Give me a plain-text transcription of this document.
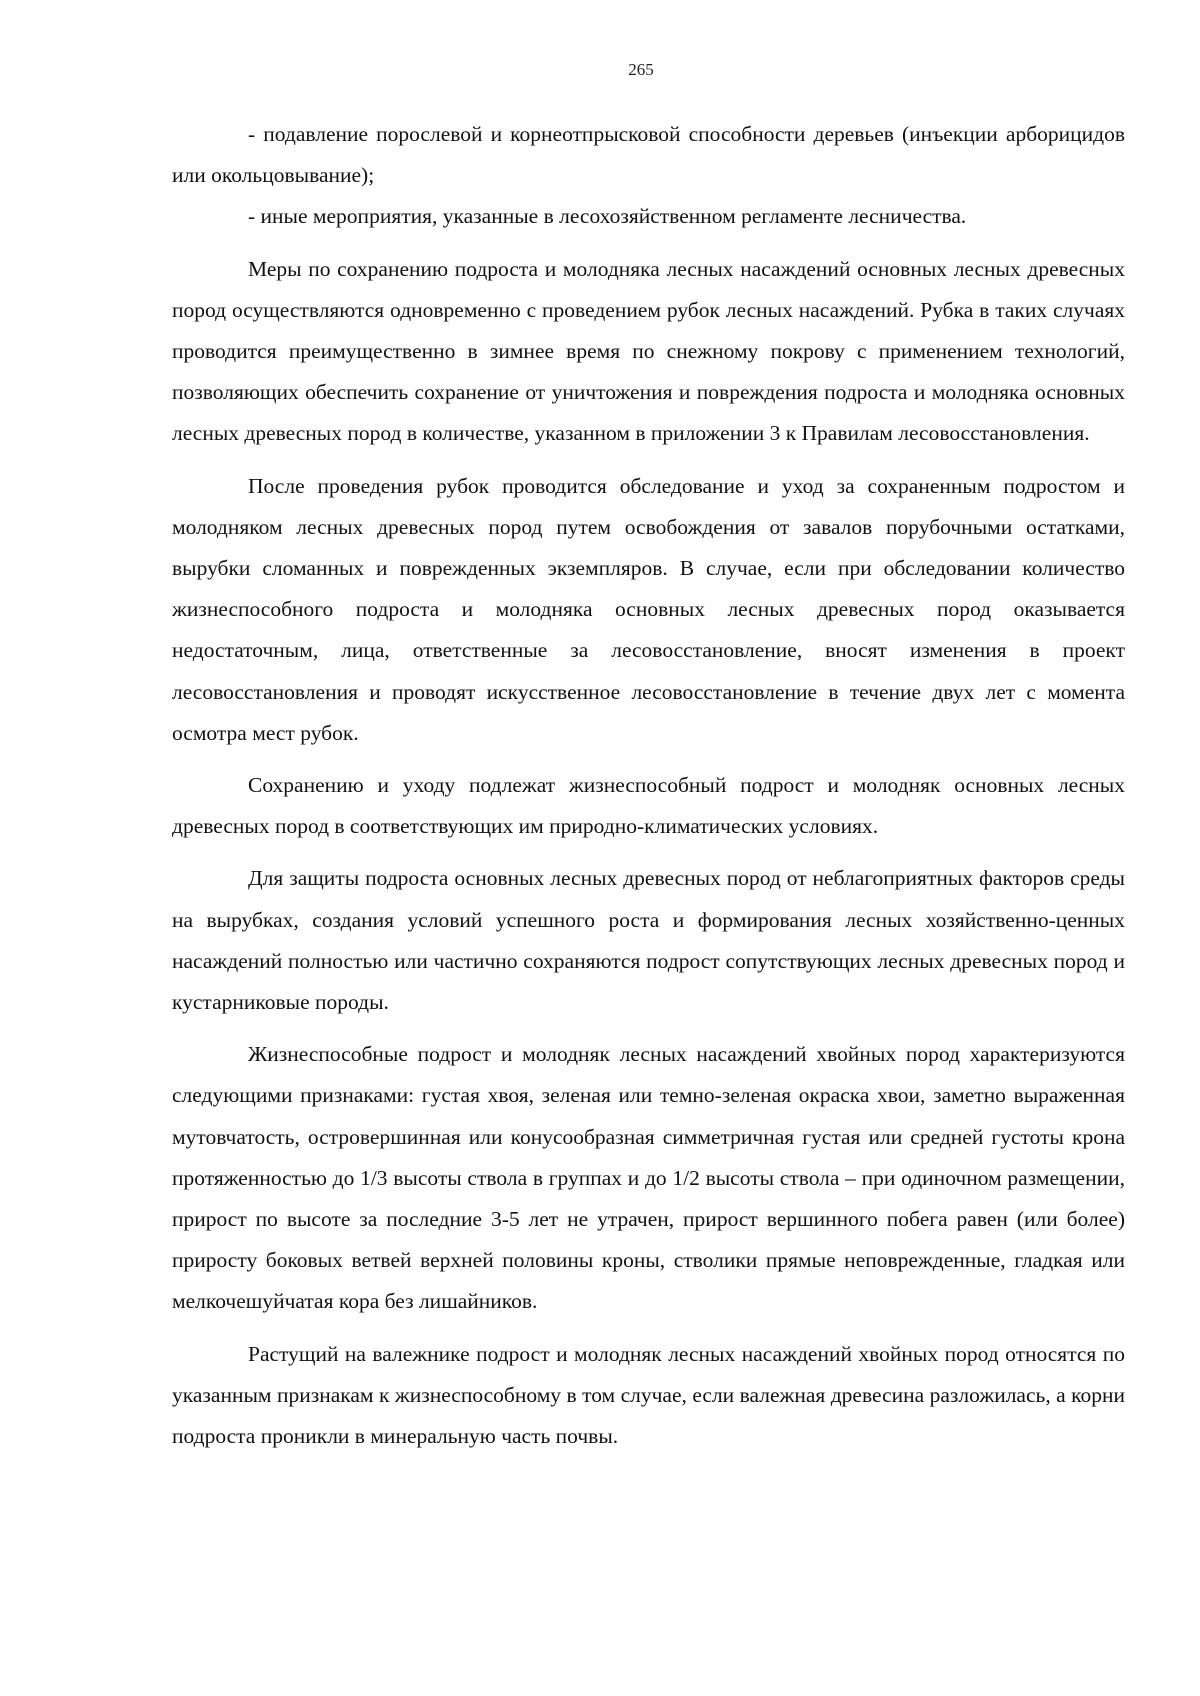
265

- подавление порослевой и корнеотпрысковой способности деревьев (инъекции арборицидов или окольцовывание);

- иные мероприятия, указанные в лесохозяйственном регламенте лесничества.

Меры по сохранению подроста и молодняка лесных насаждений основных лесных древесных пород осуществляются одновременно с проведением рубок лесных насаждений. Рубка в таких случаях проводится преимущественно в зимнее время по снежному покрову с применением технологий, позволяющих обеспечить сохранение от уничтожения и повреждения подроста и молодняка основных лесных древесных пород в количестве, указанном в приложении 3 к Правилам лесовосстановления.

После проведения рубок проводится обследование и уход за сохраненным подростом и молодняком лесных древесных пород путем освобождения от завалов порубочными остатками, вырубки сломанных и поврежденных экземпляров. В случае, если при обследовании количество жизнеспособного подроста и молодняка основных лесных древесных пород оказывается недостаточным, лица, ответственные за лесовосстановление, вносят изменения в проект лесовосстановления и проводят искусственное лесовосстановление в течение двух лет с момента осмотра мест рубок.

Сохранению и уходу подлежат жизнеспособный подрост и молодняк основных лесных древесных пород в соответствующих им природно-климатических условиях.

Для защиты подроста основных лесных древесных пород от неблагоприятных факторов среды на вырубках, создания условий успешного роста и формирования лесных хозяйственно-ценных насаждений полностью или частично сохраняются подрост сопутствующих лесных древесных пород и кустарниковые породы.

Жизнеспособные подрост и молодняк лесных насаждений хвойных пород характеризуются следующими признаками: густая хвоя, зеленая или темно-зеленая окраска хвои, заметно выраженная мутовчатость, островершинная или конусообразная симметричная густая или средней густоты крона протяженностью до 1/3 высоты ствола в группах и до 1/2 высоты ствола – при одиночном размещении, прирост по высоте за последние 3-5 лет не утрачен, прирост вершинного побега равен (или более) приросту боковых ветвей верхней половины кроны, стволики прямые неповрежденные, гладкая или мелкочешуйчатая кора без лишайников.

Растущий на валежнике подрост и молодняк лесных насаждений хвойных пород относятся по указанным признакам к жизнеспособному в том случае, если валежная древесина разложилась, а корни подроста проникли в минеральную часть почвы.
